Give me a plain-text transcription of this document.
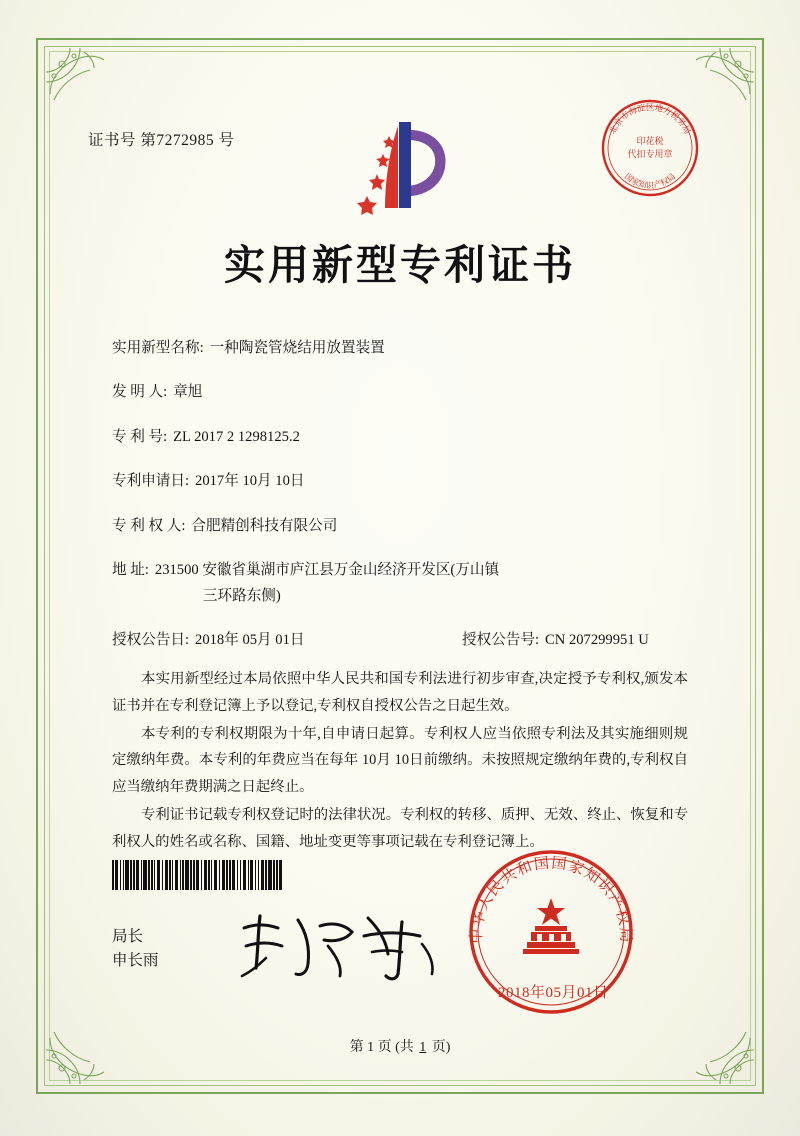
证书号 第7272985 号
北京市海淀区地方税务局
国家知识产权局
印花税
代扣专用章
实用新型专利证书
实用新型名称: 一种陶瓷管烧结用放置装置
发 明 人: 章旭
专 利 号: ZL 2017 2 1298125.2
专利申请日: 2017年 10月 10日
专 利 权 人: 合肥精创科技有限公司
地 址: 231500 安徽省巢湖市庐江县万金山经济开发区(万山镇
三环路东侧)
授权公告日: 2018年 05月 01日	授权公告号: CN 207299951 U

本实用新型经过本局依照中华人民共和国专利法进行初步审查,决定授予专利权,颁发本证书并在专利登记簿上予以登记,专利权自授权公告之日起生效。

本专利的专利权期限为十年,自申请日起算。专利权人应当依照专利法及其实施细则规定缴纳年费。本专利的年费应当在每年 10月 10日前缴纳。未按照规定缴纳年费的,专利权自应当缴纳年费期满之日起终止。

专利证书记载专利权登记时的法律状况。专利权的转移、质押、无效、终止、恢复和专利权人的姓名或名称、国籍、地址变更等事项记载在专利登记簿上。

局长
申长雨
中华人民共和国国家知识产权局
2018年05月01日
第 1 页 (共 1 页)
